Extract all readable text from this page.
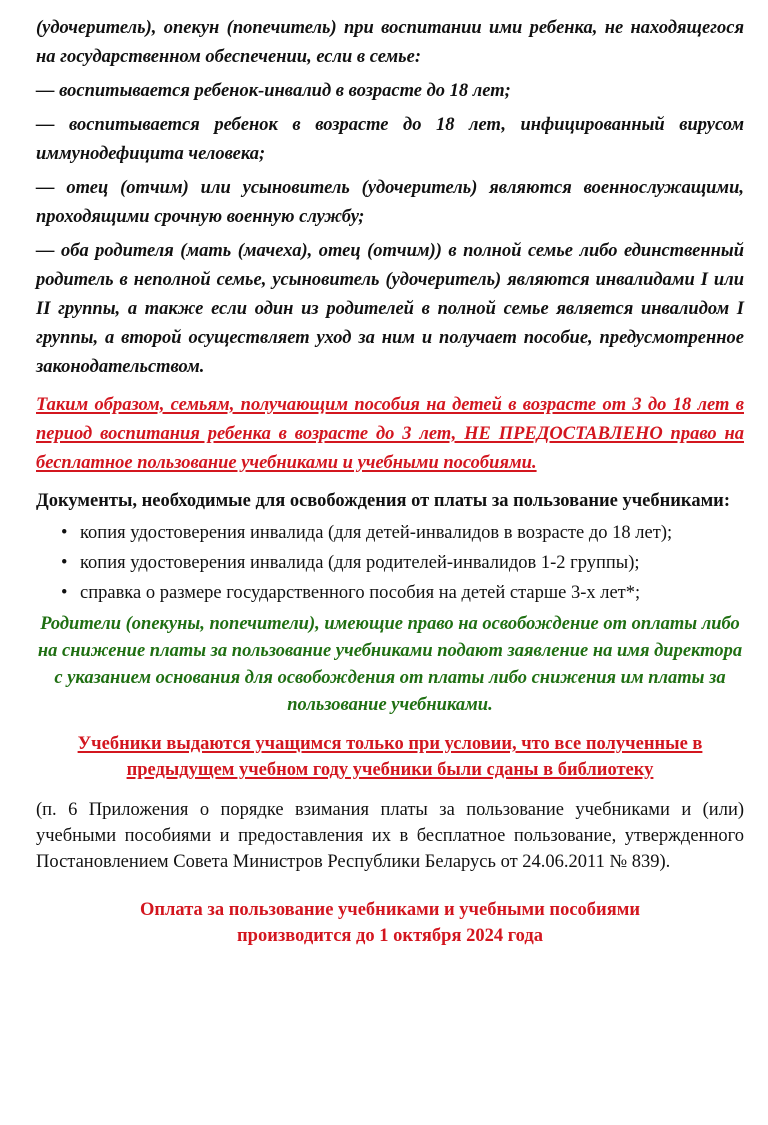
(удочеритель), опекун (попечитель) при воспитании ими ребенка, не находящегося на государственном обеспечении, если в семье:

— воспитывается ребенок-инвалид в возрасте до 18 лет;

— воспитывается ребенок в возрасте до 18 лет, инфицированный вирусом иммунодефицита человека;

— отец (отчим) или усыновитель (удочеритель) являются военнослужащими, проходящими срочную военную службу;

— оба родителя (мать (мачеха), отец (отчим)) в полной семье либо единственный родитель в неполной семье, усыновитель (удочеритель) являются инвалидами I или II группы, а также если один из родителей в полной семье является инвалидом I группы, а второй осуществляет уход за ним и получает пособие, предусмотренное законодательством.

Таким образом, семьям, получающим пособия на детей в возрасте от 3 до 18 лет в период воспитания ребенка в возрасте до 3 лет, НЕ ПРЕДОСТАВЛЕНО право на бесплатное пользование учебниками и учебными пособиями.

Документы, необходимые для освобождения от платы за пользование учебниками:

• копия удостоверения инвалида (для детей-инвалидов в возрасте до 18 лет);
• копия удостоверения инвалида (для родителей-инвалидов 1-2 группы);
• справка о размере государственного пособия на детей старше 3-х лет*;

Родители (опекуны, попечители), имеющие право на освобождение от оплаты либо на снижение платы за пользование учебниками подают заявление на имя директора с указанием основания для освобождения от платы либо снижения им платы за пользование учебниками.

Учебники выдаются учащимся только при условии, что все полученные в предыдущем учебном году учебники были сданы в библиотеку

(п. 6 Приложения о порядке взимания платы за пользование учебниками и (или) учебными пособиями и предоставления их в бесплатное пользование, утвержденного Постановлением Совета Министров Республики Беларусь от 24.06.2011 № 839).

Оплата за пользование учебниками и учебными пособиями
производится до 1 октября 2024 года
